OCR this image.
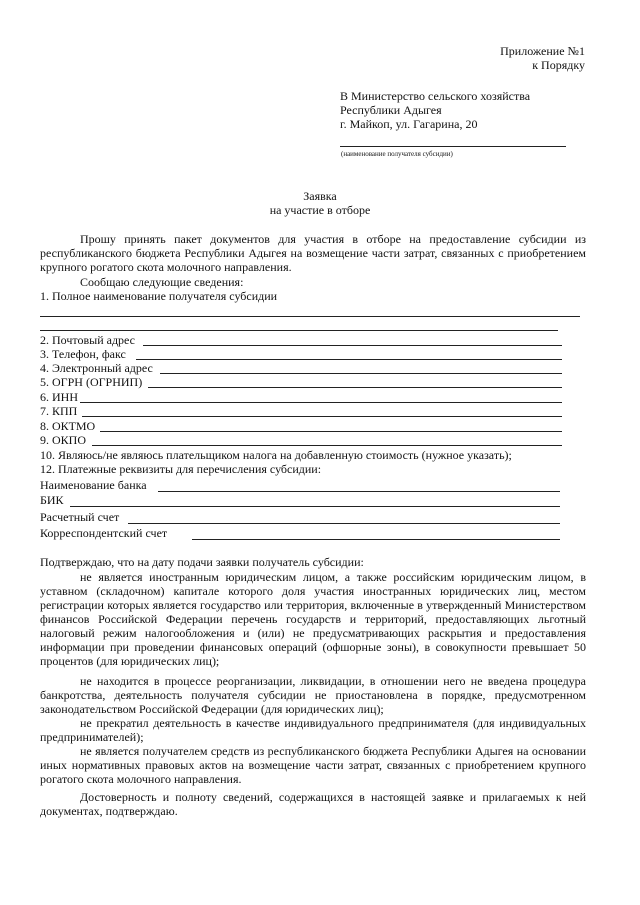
Приложение №1
к Порядку
В Министерство сельского хозяйства
Республики Адыгея
г. Майкоп, ул. Гагарина, 20
(наименование получателя субсидии)
Заявка
на участие в отборе
Прошу принять пакет документов для участия в отборе на предоставление субсидии из республиканского бюджета Республики Адыгея на возмещение части затрат, связанных с приобретением крупного рогатого скота молочного направления.
Сообщаю следующие сведения:
1. Полное наименование получателя субсидии
2. Почтовый адрес
3. Телефон, факс
4. Электронный адрес
5. ОГРН (ОГРНИП)
6. ИНН
7. КПП
8. ОКТМО
9. ОКПО
10. Являюсь/не являюсь плательщиком налога на добавленную стоимость (нужное указать);
12. Платежные реквизиты для перечисления субсидии:
Наименование банка
БИК
Расчетный счет
Корреспондентский счет
Подтверждаю, что на дату подачи заявки получатель субсидии:
не является иностранным юридическим лицом, а также российским юридическим лицом, в уставном (складочном) капитале которого доля участия иностранных юридических лиц, местом регистрации которых является государство или территория, включенные в утвержденный Министерством финансов Российской Федерации перечень государств и территорий, предоставляющих льготный налоговый режим налогообложения и (или) не предусматривающих раскрытия и предоставления информации при проведении финансовых операций (офшорные зоны), в совокупности превышает 50 процентов (для юридических лиц);
не находится в процессе реорганизации, ликвидации, в отношении него не введена процедура банкротства, деятельность получателя субсидии не приостановлена в порядке, предусмотренном законодательством Российской Федерации (для юридических лиц);
не прекратил деятельность в качестве индивидуального предпринимателя (для индивидуальных предпринимателей);
не является получателем средств из республиканского бюджета Республики Адыгея на основании иных нормативных правовых актов на возмещение части затрат, связанных с приобретением крупного рогатого скота молочного направления.
Достоверность и полноту сведений, содержащихся в настоящей заявке и прилагаемых к ней документах, подтверждаю.
